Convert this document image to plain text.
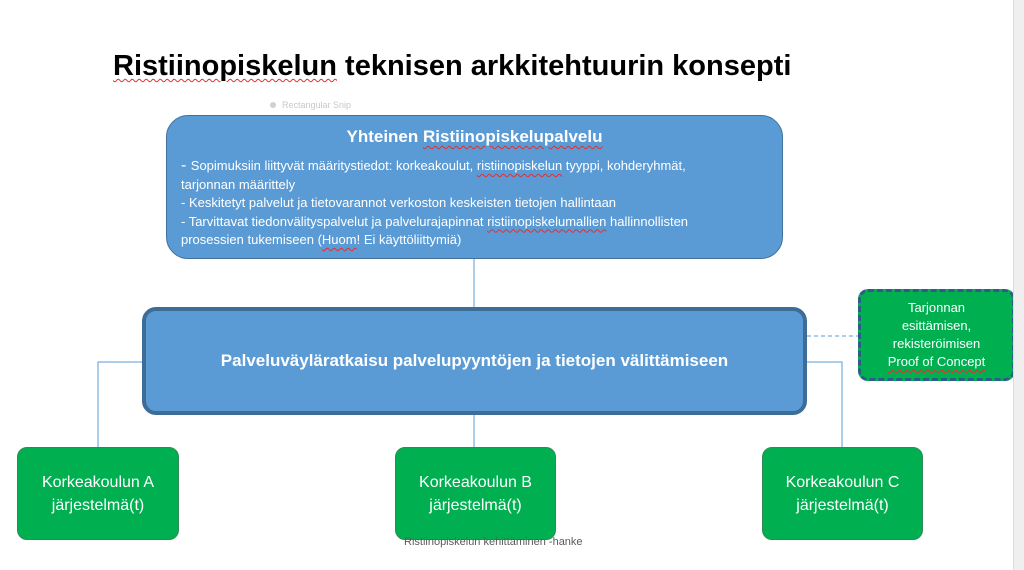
Ristiinopiskelun teknisen arkkitehtuurin konsepti
Rectangular Snip
Yhteinen Ristiinopiskelupalvelu
- Sopimuksiin liittyvät määritystiedot: korkeakoulut, ristiinopiskelun tyyppi, kohderyhmät,
tarjonnan määrittely
- Keskitetyt palvelut ja tietovarannot verkoston keskeisten tietojen hallintaan
- Tarvittavat tiedonvälityspalvelut ja palvelurajapinnat ristiinopiskelumallien hallinnollisten
prosessien tukemiseen (Huom! Ei käyttöliittymiä)
Palveluväyläratkaisu palvelupyyntöjen ja tietojen välittämiseen
Tarjonnan
esittämisen,
rekisteröimisen
Proof of Concept
Korkeakoulun A
järjestelmä(t)
Korkeakoulun B
järjestelmä(t)
Korkeakoulun C
järjestelmä(t)
Ristiinopiskelun kehittäminen -hanke
